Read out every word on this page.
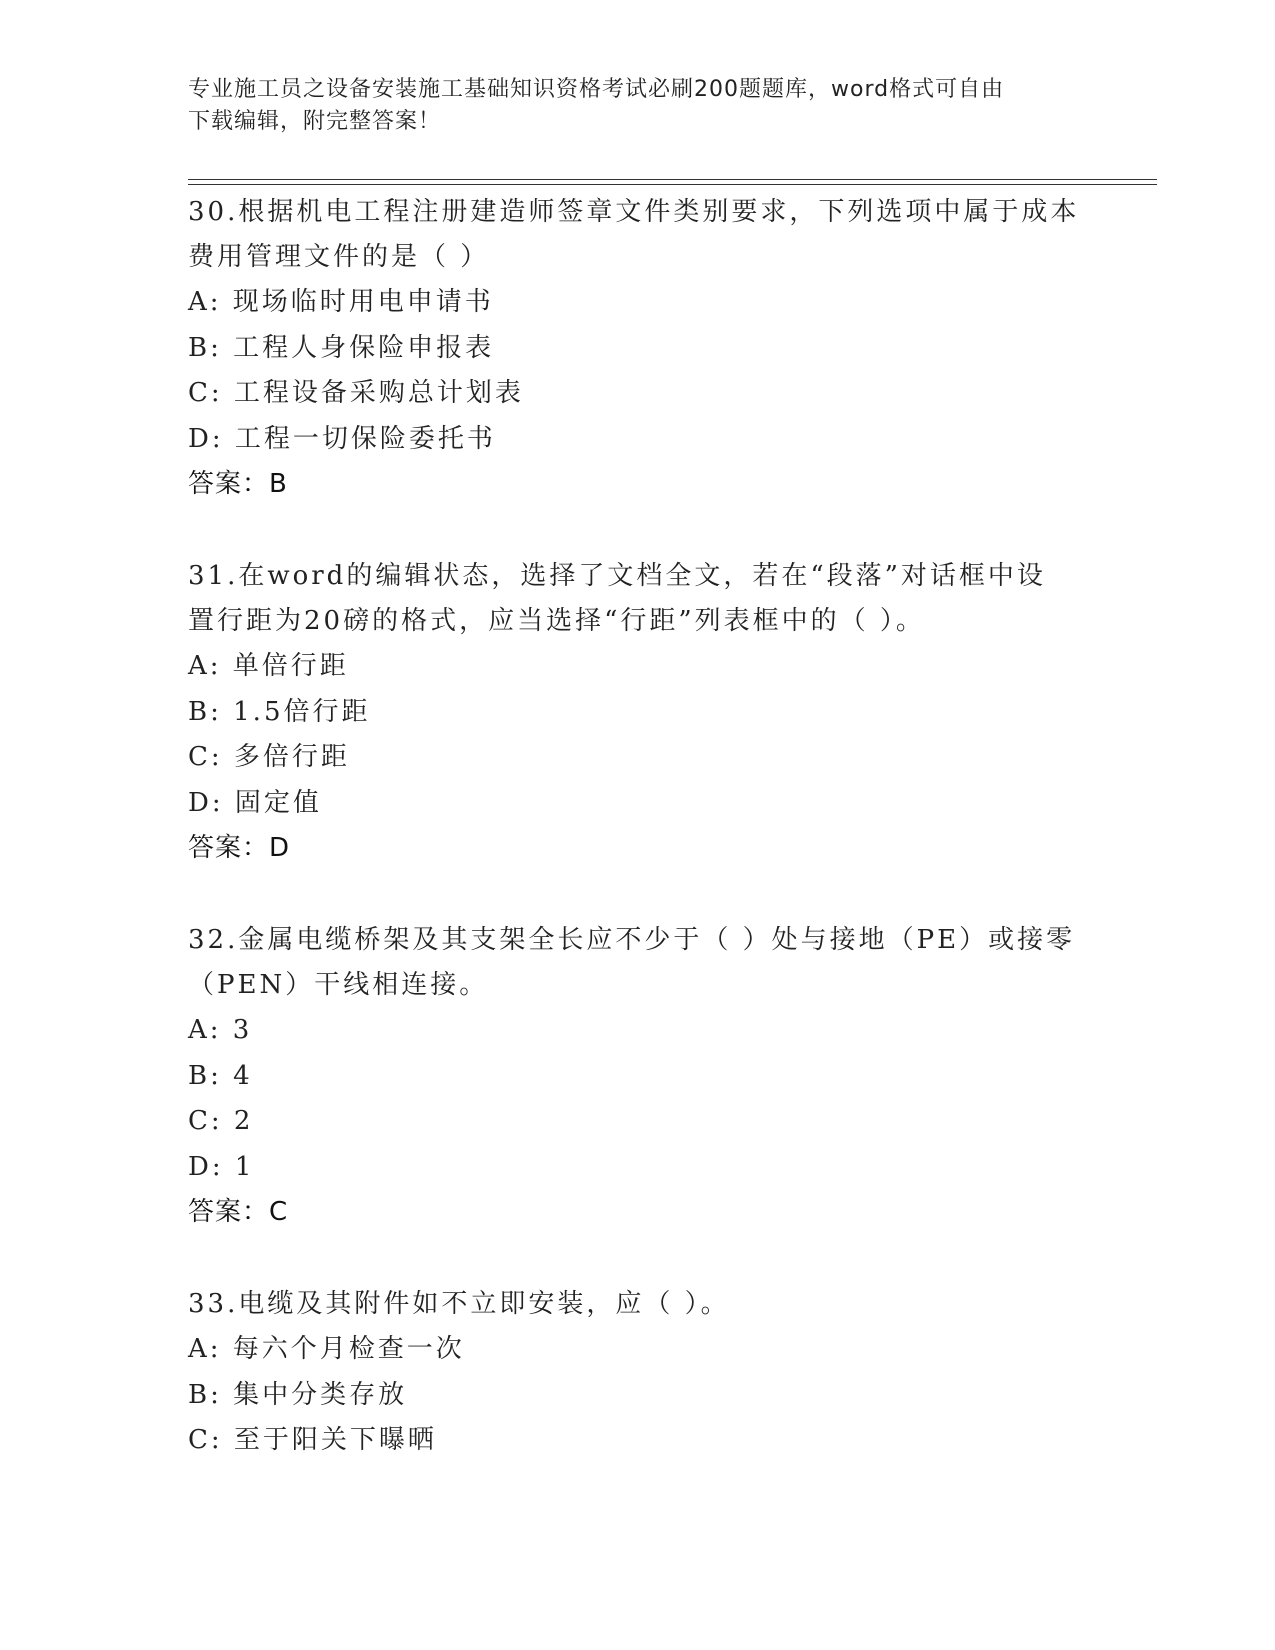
专业施工员之设备安装施工基础知识资格考试必刷200题题库，word格式可自由
下载编辑，附完整答案！
30.根据机电工程注册建造师签章文件类别要求，下列选项中属于成本
费用管理文件的是（ ）
A: 现场临时用电申请书
B: 工程人身保险申报表
C: 工程设备采购总计划表
D: 工程一切保险委托书
答案：B
31.在word的编辑状态，选择了文档全文，若在“段落”对话框中设
置行距为20磅的格式，应当选择“行距”列表框中的（ ）。
A: 单倍行距
B: 1.5倍行距
C: 多倍行距
D: 固定值
答案：D
32.金属电缆桥架及其支架全长应不少于（ ）处与接地（PE）或接零
（PEN）干线相连接。
A: 3
B: 4
C: 2
D: 1
答案：C
33.电缆及其附件如不立即安装，应（ ）。
A: 每六个月检查一次
B: 集中分类存放
C: 至于阳关下曝晒
